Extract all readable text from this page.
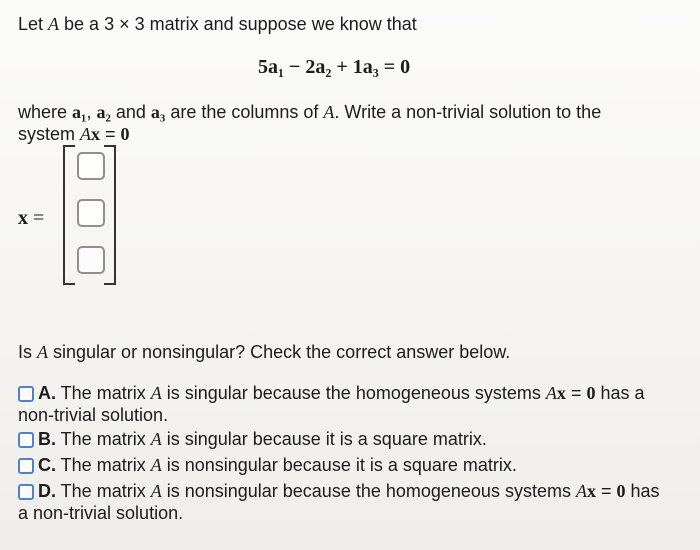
Let A be a 3 × 3 matrix and suppose we know that
5a₁ − 2a₂ + 1a₃ = 0
where a₁, a₂ and a₃ are the columns of A. Write a non-trivial solution to the
system Ax = 0
x =
Is A singular or nonsingular? Check the correct answer below.
A. The matrix A is singular because the homogeneous systems Ax = 0 has a
non-trivial solution.
B. The matrix A is singular because it is a square matrix.
C. The matrix A is nonsingular because it is a square matrix.
D. The matrix A is nonsingular because the homogeneous systems Ax = 0 has
a non-trivial solution.
